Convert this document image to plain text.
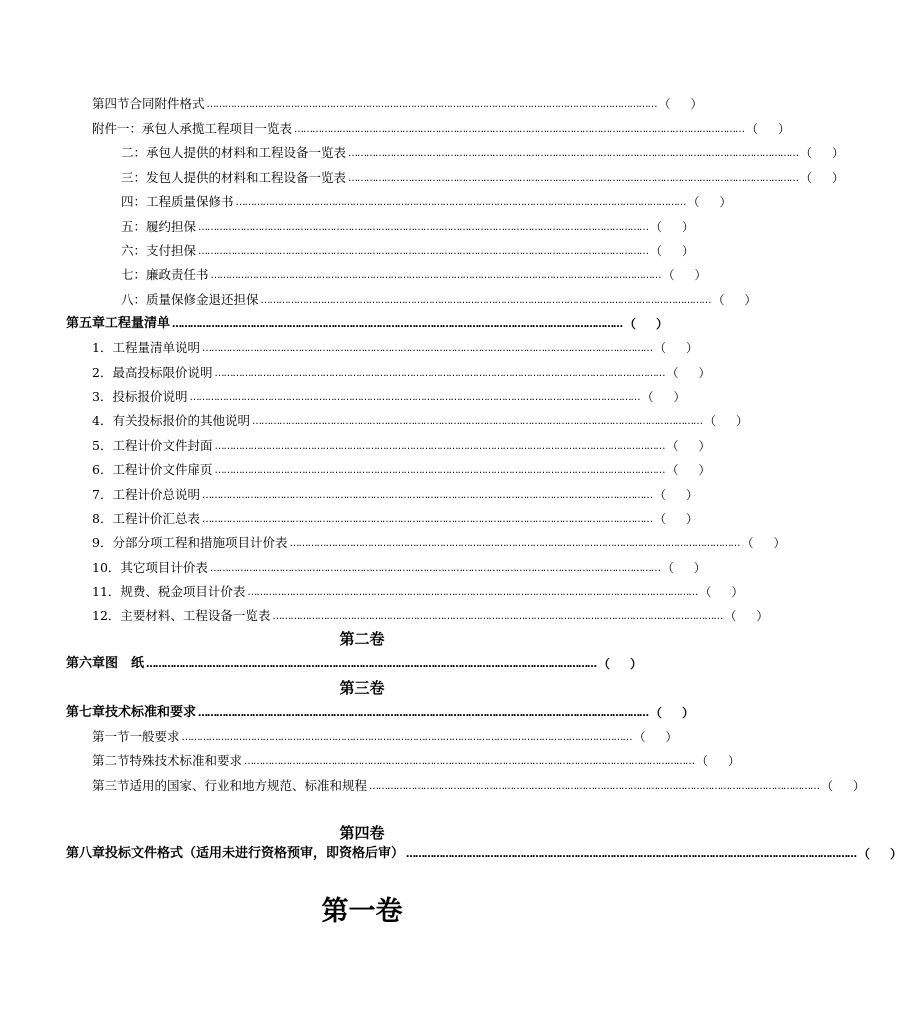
第四节 合同附件格式 …………………………………………………………………………………………………………………………………… （ ）
附件一： 承包人承揽工程项目一览表 …………………………………………………………………………………………………………………………………… （ ）
二： 承包人提供的材料和工程设备一览表 …………………………………………………………………………………………………………………………………… （ ）
三： 发包人提供的材料和工程设备一览表 …………………………………………………………………………………………………………………………………… （ ）
四： 工程质量保修书 …………………………………………………………………………………………………………………………………… （ ）
五： 履约担保 …………………………………………………………………………………………………………………………………… （ ）
六： 支付担保 …………………………………………………………………………………………………………………………………… （ ）
七： 廉政责任书 …………………………………………………………………………………………………………………………………… （ ）
八： 质量保修金退还担保 …………………………………………………………………………………………………………………………………… （ ）
第五章 工程量清单 …………………………………………………………………………………………………………………………………… （ ）
1． 工程量清单说明 …………………………………………………………………………………………………………………………………… （ ）
2． 最高投标限价说明 …………………………………………………………………………………………………………………………………… （ ）
3． 投标报价说明 …………………………………………………………………………………………………………………………………… （ ）
4． 有关投标报价的其他说明 …………………………………………………………………………………………………………………………………… （ ）
5． 工程计价文件封面 …………………………………………………………………………………………………………………………………… （ ）
6． 工程计价文件扉页 …………………………………………………………………………………………………………………………………… （ ）
7． 工程计价总说明 …………………………………………………………………………………………………………………………………… （ ）
8． 工程计价汇总表 …………………………………………………………………………………………………………………………………… （ ）
9． 分部分项工程和措施项目计价表 …………………………………………………………………………………………………………………………………… （ ）
10． 其它项目计价表 …………………………………………………………………………………………………………………………………… （ ）
11． 规费、税金项目计价表 …………………………………………………………………………………………………………………………………… （ ）
12． 主要材料、工程设备一览表 …………………………………………………………………………………………………………………………………… （ ）
第二卷
第六章 图　纸 …………………………………………………………………………………………………………………………………… （ ）
第三卷
第七章 技术标准和要求 …………………………………………………………………………………………………………………………………… （ ）
第一节 一般要求 …………………………………………………………………………………………………………………………………… （ ）
第二节 特殊技术标准和要求 …………………………………………………………………………………………………………………………………… （ ）
第三节 适用的国家、行业和地方规范、标准和规程 …………………………………………………………………………………………………………………………………… （ ）
第四卷
第八章 投标文件格式（适用未进行资格预审，即资格后审） …………………………………………………………………………………………………………………………………… （ ）
第一卷
